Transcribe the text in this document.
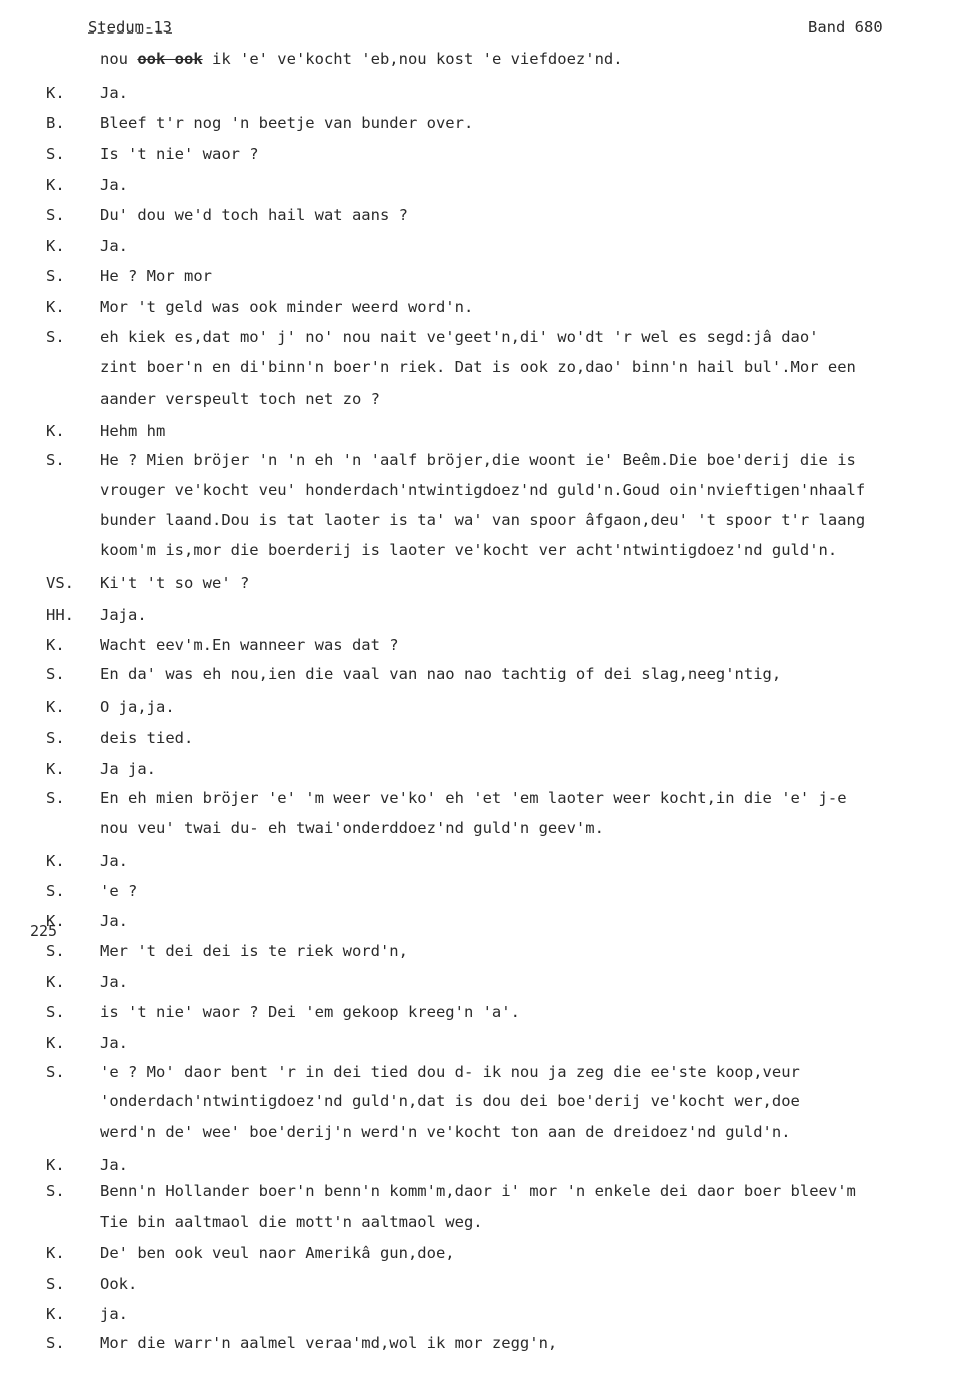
Stedum-13	Band 680
225
nou ook ook ik 'e' ve'kocht 'eb,nou kost 'e viefdoez'nd.
K. Ja.
B. Bleef t'r nog 'n beetje van bunder over.
S. Is 't nie' waor ?
K. Ja.
S. Du' dou we'd toch hail wat aans ?
K. Ja.
S. He ? Mor mor
K. Mor 't geld was ook minder weerd word'n.
S. eh kiek es,dat mo' j' no' nou nait ve'geet'n,di' wo'dt 'r wel es segd:jâ dao'
zint boer'n en di'binn'n boer'n riek. Dat is ook zo,dao' binn'n hail bul'.Mor een
aander verspeult toch net zo ?
K. Hehm hm
S. He ? Mien bröjer 'n 'n eh 'n 'aalf bröjer,die woont ie' Beêm.Die boe'derij die is
vrouger ve'kocht veu' honderdach'ntwintigdoez'nd guld'n.Goud oin'nvieftigen'nhaalf
bunder laand.Dou is tat laoter is ta' wa' van spoor âfgaon,deu' 't spoor t'r laang
koom'm is,mor die boerderij is laoter ve'kocht ver acht'ntwintigdoez'nd guld'n.
VS. Ki't 't so we' ?
HH. Jaja.
K. Wacht eev'm.En wanneer was dat ?
S. En da' was eh nou,ien die vaal van nao nao tachtig of dei slag,neeg'ntig,
K. O ja,ja.
S. deis tied.
K. Ja ja.
S. En eh mien bröjer 'e' 'm weer ve'ko' eh 'et 'em laoter weer kocht,in die 'e' j-e
nou veu' twai du- eh twai'onderddoez'nd guld'n geev'm.
K. Ja.
S. 'e ?
K. Ja.
S. Mer 't dei dei is te riek word'n,
K. Ja.
S. is 't nie' waor ? Dei 'em gekoop kreeg'n 'a'.
K. Ja.
S. 'e ? Mo' daor bent 'r in dei tied dou d- ik nou ja zeg die ee'ste koop,veur
'onderdach'ntwintigdoez'nd guld'n,dat is dou dei boe'derij ve'kocht wer,doe
werd'n de' wee' boe'derij'n werd'n ve'kocht ton aan de dreidoez'nd guld'n.
K. Ja.
S. Benn'n Hollander boer'n benn'n komm'm,daor i' mor 'n enkele dei daor boer bleev'm
Tie bin aaltmaol die mott'n aaltmaol weg.
K. De' ben ook veul naor Amerikâ gun,doe,
S. Ook.
K. ja.
S. Mor die warr'n aalmel veraa'md,wol ik mor zegg'n,
